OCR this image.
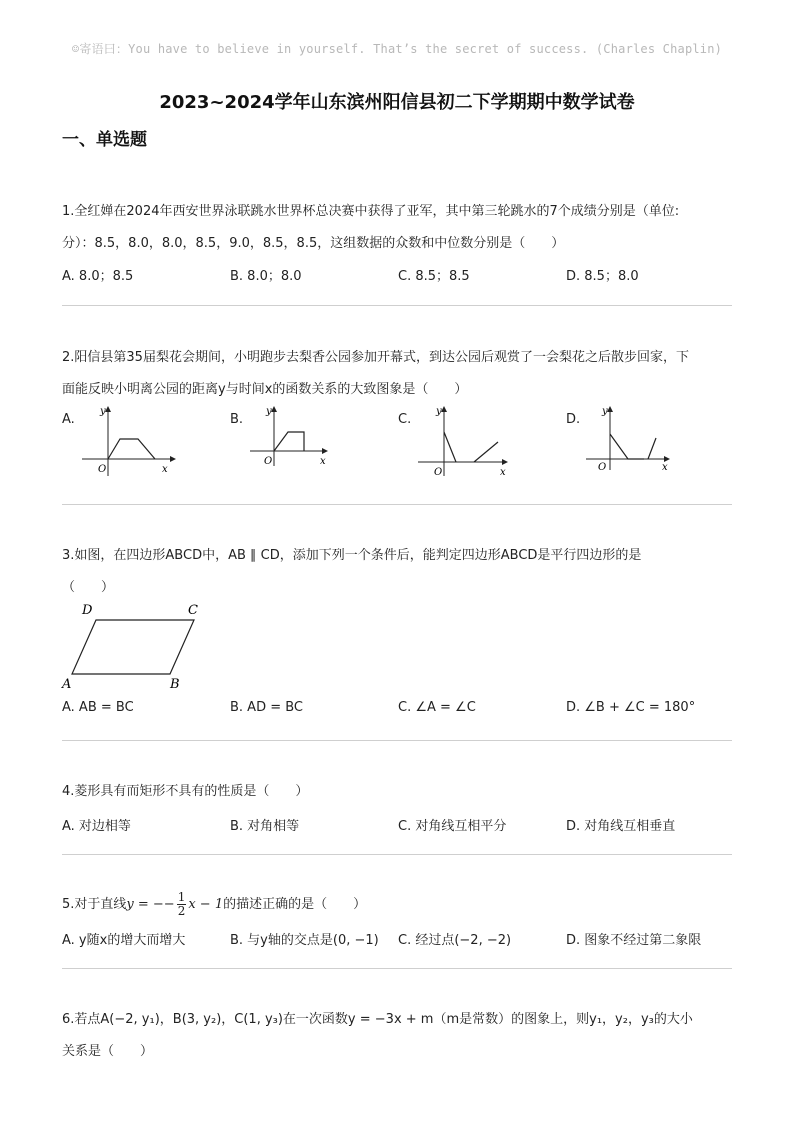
☺寄语曰：You have to believe in yourself. That’s the secret of success. (Charles Chaplin)
2023~2024学年山东滨州阳信县初二下学期期中数学试卷
一、单选题

1.全红婵在2024年西安世界泳联跳水世界杯总决赛中获得了亚军，其中第三轮跳水的7个成绩分别是（单位:

分）：8.5，8.0，8.0，8.5，9.0，8.5，8.5，这组数据的众数和中位数分别是（　　）

A. 8.0；8.5	B. 8.0；8.0	C. 8.5；8.5	D. 8.5；8.0

2.阳信县第35届梨花会期间，小明跑步去梨香公园参加开幕式，到达公园后观赏了一会梨花之后散步回家，下

面能反映小明离公园的距离y与时间x的函数关系的大致图象是（　　）

A.	B.	C.	D.
y
x
O
y
x
O
y
x
O
y
x
O

3.如图，在四边形ABCD中，AB ∥ CD，添加下列一个条件后，能判定四边形ABCD是平行四边形的是

（　　）

D	C
A	B
A. AB = BC	B. AD = BC	C. ∠A = ∠C	D. ∠B + ∠C = 180°

4.菱形具有而矩形不具有的性质是（　　）

A. 对边相等	B. 对角相等	C. 对角线互相平分	D. 对角线互相垂直

5.对于直线y = −− $\frac{1}{2}$ x − 1的描述正确的是（　　）

A. y随x的增大而增大	B. 与y轴的交点是(0, −1) C. 经过点(−2, −2)	D. 图象不经过第二象限

6.若点A(−2, y₁)，B(3, y₂)，C(1, y₃)在一次函数y = −3x + m（m是常数）的图象上，则y₁，y₂，y₃的大小

关系是（　　）
